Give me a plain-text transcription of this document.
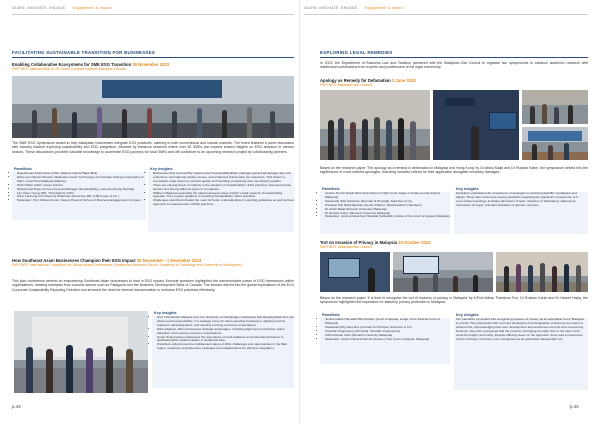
LEARN. INNOVATE. ENGAGE. Engagement & Impact
FACILITATING SUSTAINABLE TRANSITION FOR BUSINESSES
Enabling Collaborative Ecosystems for SME ESG Transition 29 November 2023
PARTNER: Alliance Bank & UN Global Compact Network Malaysia & Brunei
The SME ESG Symposium aimed to help Malaysian businesses integrate ESG practices, catering to both conventional and Islamic markets. The event featured a panel discussion with industry leaders exploring sustainability and ESG integration, followed by breakout sessions where over 50 SMEs and experts shared insights on ESG adoption in various sectors. These discussions provided valuable knowledge to accelerate ESG journeys for local SMEs and will contribute to an upcoming research project by collaborating partners.
Panellists
• Raja Ahmad Fuad Astrin (CSO, Alliance Islamic Bank Bhd)
• Elisa Lum (Senior Director, Malaysian Green Technology and Climate Change Corporation & CEO, GreenTech Malaysia Alliance)
• Hariri Halim (CEO, Green Factor)
• Muhammad Ihsan Amran (General Manager (Sustainability), Genesis Energy Berhad)
• Lim Chee Yoong (MD, Thumbprints UTD)
• Dato' Lai Kong Chin (Deputy Chairman and Group MD, KAB Group of Co.)
• Moderator: Prof. Mohan Avvari, Deputy Head of School of Business Engagement & Impact
Key insights
• Businesses that successfully implemented Sustainability/ESG strategies gained advantages like cost reductions, international market access, and enhanced brand value for customers. This fosters a competitive edge driven by product quality and branding, positioning them as industry leaders.
• There are varying levels of maturity in the adoption of Sustainability / ESG practices observed across sectors and among different types of companies.
• SMEs in Malaysia especially the halal businesses have implicit 'social' aspects of sustainability agendas. They require guidance in reporting Sustainability / ESG practices.
• Challenges identified included the need for better understanding of reporting guidelines as well as fixed approach to measurement of ESG practices.
How Southeast Asian Businesses Champion their ESG Impact 30 November - 1 December 2023
PARTNER: International Consortium for Values-based Governance (Amsterdam Business School, University of Cambridge and University of Nottingham)
This joint conference centred on empowering Southeast Asian businesses to lead in ESG impact. Keynote speakers highlighted the transformative power of ESG frameworks within organisations, drawing examples from success stories such as Patagonia and the Business Development Bank of Canada. The session delved into the global implications of the EU's Corporate Sustainability Reporting Directive and stressed the need for internal transformation to embrace ESG practices effectively.
Key insights
• Prof. Christopher Marquis from the University of Cambridge emphasised that adopting ESG isn't just about social responsibility; it is strategic move for future-proofing businesses, aligning internal practices, attracting talent, and meeting evolving consumer expectations.
• ESG adoption offers businesses strategic advantages, including alignment of practices, talent attraction, and meeting consumer expectations.
• Nusai Ozati Ansari emphasised the importance of local initiatives and international finance in facilitating ESG implementation in Southeast Asia.
• Panellists underscored the multifaceted nature of ESG challenges and opportunities in the SEA region, requiring comprehensive strategies and collaborations for effective integration.
p.44
LEARN. INNOVATE. ENGAGE. Engagement & Impact
EXPLORING LEGAL REMEDIES
In 2023, the Department of Business Law and Taxation partnered with the Malaysian Bar Council to organise two symposiums to advance academic research with intellectual contributions from experts and practitioners of the legal community.
Apology as Remedy for Defamation 3 June 2023
PARTNER: Malaysian Bar Council
Based on the research paper 'The apology as a remedy in defamation in Malaysia and Hong Kong' by Dr Abdul Majid and Dr Roshan Karim, the symposium delved into the significance of court-ordered apologies, including nuanced criteria for their application alongside monetary damages.
Panellists
• Justice Tan Sri Datuk Wira Chan Sek Lui (High Court Judge of Kuala Lumpur Family, Malaysia)
• Sasaswati (Ms) Sara Dev (Founder & Principal, Sara Dev & Co)
• Hardeep Koh Ravichandran (Senior Partner, Ravichandran Chambers)
• Dr Abdul Majid (Monash University Malaysia)
• Dr Roshan Karim (Monash University Malaysia)
• Moderator: Justice Datuk Seri Hanipah Farikullah (Justice of the Court of Appeal, Malaysia)
Key insights
Panellists emphasised the importance of apologies in restoring plaintiffs' reputations and dignity. There was consensus among panellists regarding the significant components of a court-ordered apology, including admission of fault, retraction of defamatory statements, expression of regret, and demonstration of genuine remorse.
Tort on Invasion of Privacy in Malaysia 20 October 2023
PARTNER: Malaysian Bar Council
Based on the research paper 'It is time to recognise the tort of invasion of privacy in Malaysia' by A/Prof Adrian Thaddeus Foo, Dr Roshan Karim and Dr Hareef Haziq, the symposium highlighted the imperative for statutory privacy protection in Malaysia.
Panellists
• Justice Datuk Hamidah Binti Ibrahim (Court of Appeal, Judge of the Federal Court of Malaysia)
• Saraswati (Ms) Sara Dev (Founder & Principal, Sara Dev & Co)
• Vinothan Kuppusamy (Principal, Vinothan Kuppusamy)
• A/Prof Adrian Tedo (Monash University Malaysia)
• Moderator: Justice Datuk Aziah Ali (Justice of the Court of Appeal, Malaysia)
Key insights
Our panellists concluded that recognising invasion of privacy as an actionable tort in Malaysia is crucial. They discussed both court-led development and legislative enactment as means to achieve this, acknowledging that court development and enactment are both time-consuming. However, they also recognised that the process of bringing the right case to the apex court could be lengthy and costly. Despite differing views on the approach, there was a unanimous call for inclusion of privacy to be recognised as an actionable independent tort.
p.45
